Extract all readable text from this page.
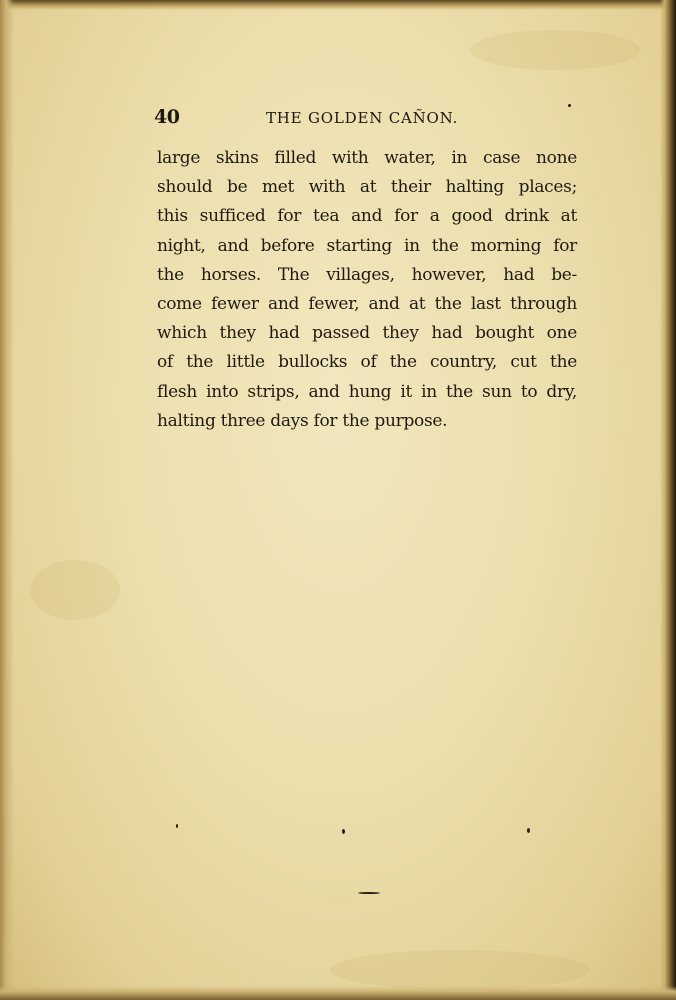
40	THE GOLDEN CAÑON.
large skins filled with water, in case none
should be met with at their halting places;
this sufficed for tea and for a good drink at
night, and before starting in the morning for
the horses. The villages, however, had be-
come fewer and fewer, and at the last through
which they had passed they had bought one
of the little bullocks of the country, cut the
flesh into strips, and hung it in the sun to dry,
halting three days for the purpose.
